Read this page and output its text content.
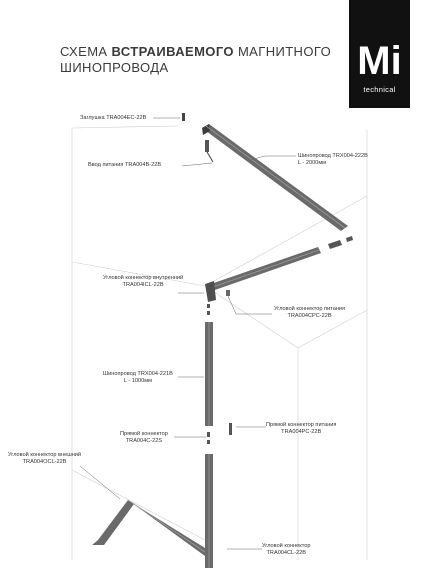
СХЕМА ВСТРАИВАЕМОГО МАГНИТНОГО
ШИНОПРОВОДА	Mi
technical
Заглушка TRA004EC-22B
Ввод питания TRA004B-22B
Шинопровод TRX004-222B
L - 2000мм
Угловой коннектор внутренний
TRA004ICL-22B
Угловой коннектор питания
TRA004CPC-22B
Шинопровод TRX004-221B
L - 1000мм
Прямой коннектор питания
TRA004PC-22B
Прямой коннектор
TRA004C-22S
Угловой коннектор внешний
TRA004OCL-22B
Угловой коннектор
TRA004CL-22B
